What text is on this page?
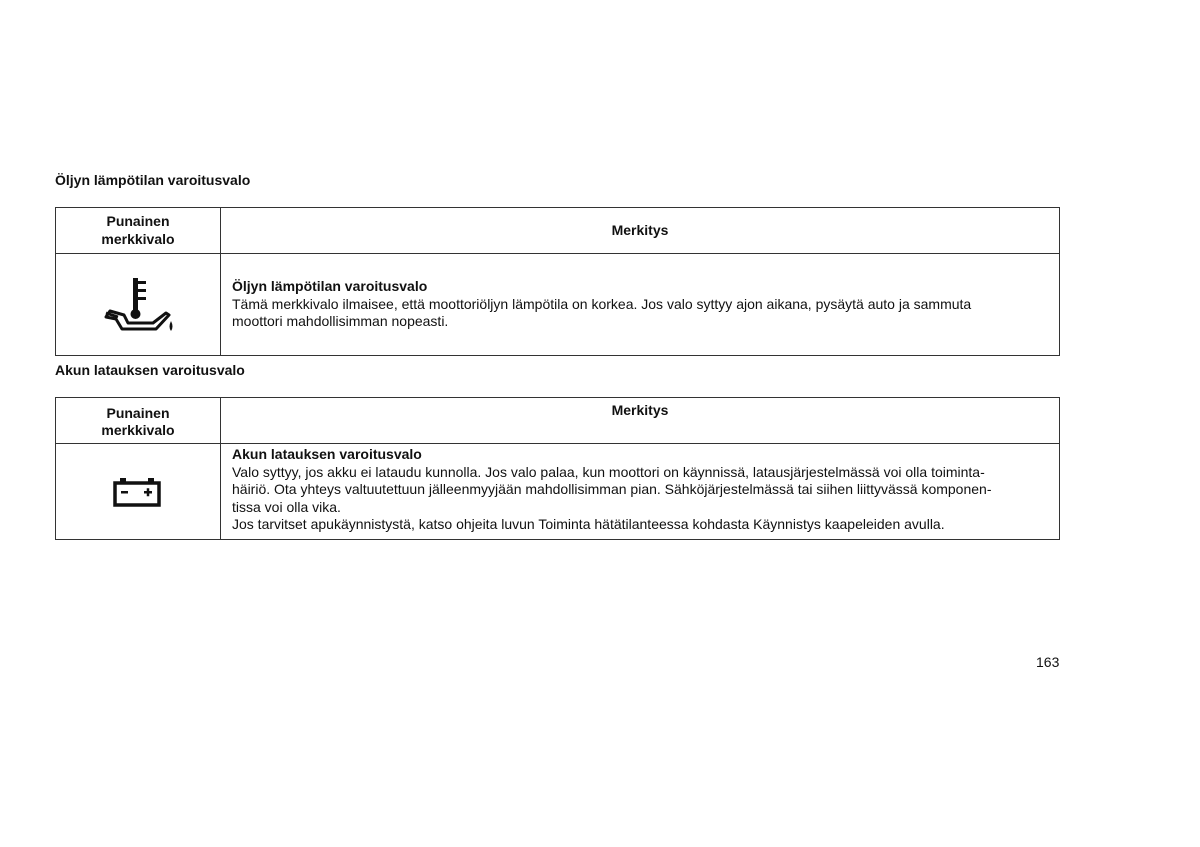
Öljyn lämpötilan varoitusvalo
Punainen
merkkivalo	Merkitys

Öljyn lämpötilan varoitusvalo
Tämä merkkivalo ilmaisee, että moottoriöljyn lämpötila on korkea. Jos valo syttyy ajon aikana, pysäytä auto ja sammuta
moottori mahdollisimman nopeasti.
Akun latauksen varoitusvalo
Punainen
merkkivalo	Merkitys

Akun latauksen varoitusvalo
Valo syttyy, jos akku ei lataudu kunnolla. Jos valo palaa, kun moottori on käynnissä, latausjärjestelmässä voi olla toiminta-
häiriö. Ota yhteys valtuutettuun jälleenmyyjään mahdollisimman pian. Sähköjärjestelmässä tai siihen liittyvässä komponen-
tissa voi olla vika.
Jos tarvitset apukäynnistystä, katso ohjeita luvun Toiminta hätätilanteessa kohdasta Käynnistys kaapeleiden avulla.
163
